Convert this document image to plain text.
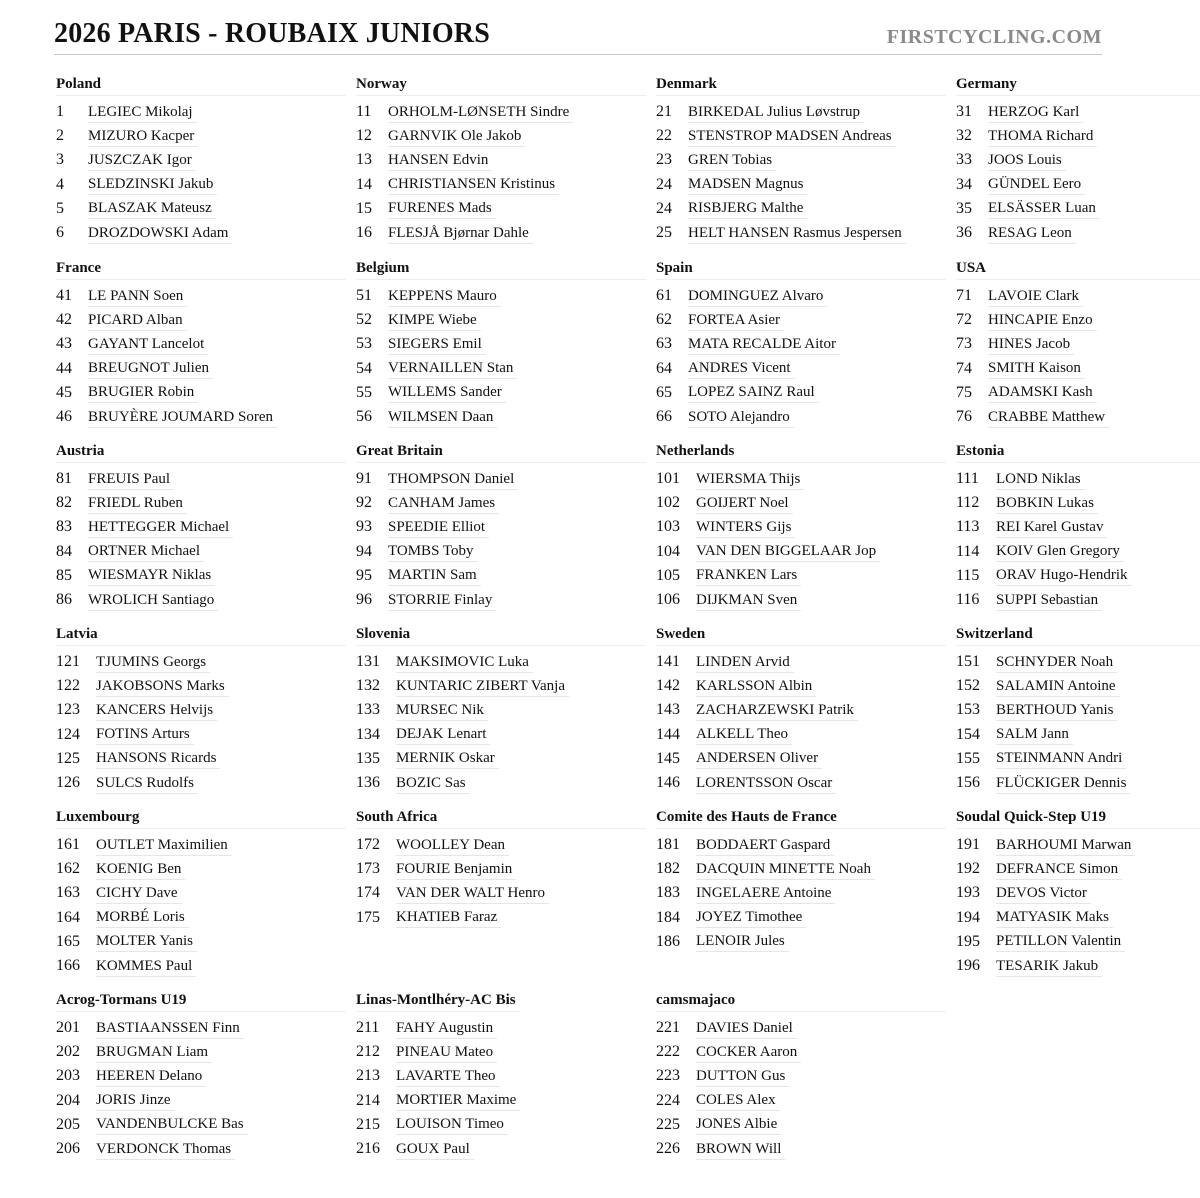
2026 PARIS - ROUBAIX JUNIORS	FIRSTCYCLING.COM
Poland
1	LEGIEC Mikolaj
2	MIZURO Kacper
3	JUSZCZAK Igor
4	SLEDZINSKI Jakub
5	BLASZAK Mateusz
6	DROZDOWSKI Adam
Norway
11	ORHOLM-LØNSETH Sindre
12	GARNVIK Ole Jakob
13	HANSEN Edvin
14	CHRISTIANSEN Kristinus
15	FURENES Mads
16	FLESJÅ Bjørnar Dahle
Denmark
21	BIRKEDAL Julius Løvstrup
22	STENSTROP MADSEN Andreas
23	GREN Tobias
24	MADSEN Magnus
24	RISBJERG Malthe
25	HELT HANSEN Rasmus Jespersen
Germany
31	HERZOG Karl
32	THOMA Richard
33	JOOS Louis
34	GÜNDEL Eero
35	ELSÄSSER Luan
36	RESAG Leon
France
41	LE PANN Soen
42	PICARD Alban
43	GAYANT Lancelot
44	BREUGNOT Julien
45	BRUGIER Robin
46	BRUYÈRE JOUMARD Soren
Belgium
51	KEPPENS Mauro
52	KIMPE Wiebe
53	SIEGERS Emil
54	VERNAILLEN Stan
55	WILLEMS Sander
56	WILMSEN Daan
Spain
61	DOMINGUEZ Alvaro
62	FORTEA Asier
63	MATA RECALDE Aitor
64	ANDRES Vicent
65	LOPEZ SAINZ Raul
66	SOTO Alejandro
USA
71	LAVOIE Clark
72	HINCAPIE Enzo
73	HINES Jacob
74	SMITH Kaison
75	ADAMSKI Kash
76	CRABBE Matthew
Austria
81	FREUIS Paul
82	FRIEDL Ruben
83	HETTEGGER Michael
84	ORTNER Michael
85	WIESMAYR Niklas
86	WROLICH Santiago
Great Britain
91	THOMPSON Daniel
92	CANHAM James
93	SPEEDIE Elliot
94	TOMBS Toby
95	MARTIN Sam
96	STORRIE Finlay
Netherlands
101	WIERSMA Thijs
102	GOIJERT Noel
103	WINTERS Gijs
104	VAN DEN BIGGELAAR Jop
105	FRANKEN Lars
106	DIJKMAN Sven
Estonia
111	LOND Niklas
112	BOBKIN Lukas
113	REI Karel Gustav
114	KOIV Glen Gregory
115	ORAV Hugo-Hendrik
116	SUPPI Sebastian
Latvia
121	TJUMINS Georgs
122	JAKOBSONS Marks
123	KANCERS Helvijs
124	FOTINS Arturs
125	HANSONS Ricards
126	SULCS Rudolfs
Slovenia
131	MAKSIMOVIC Luka
132	KUNTARIC ZIBERT Vanja
133	MURSEC Nik
134	DEJAK Lenart
135	MERNIK Oskar
136	BOZIC Sas
Sweden
141	LINDEN Arvid
142	KARLSSON Albin
143	ZACHARZEWSKI Patrik
144	ALKELL Theo
145	ANDERSEN Oliver
146	LORENTSSON Oscar
Switzerland
151	SCHNYDER Noah
152	SALAMIN Antoine
153	BERTHOUD Yanis
154	SALM Jann
155	STEINMANN Andri
156	FLÜCKIGER Dennis
Luxembourg
161	OUTLET Maximilien
162	KOENIG Ben
163	CICHY Dave
164	MORBÉ Loris
165	MOLTER Yanis
166	KOMMES Paul
South Africa
172	WOOLLEY Dean
173	FOURIE Benjamin
174	VAN DER WALT Henro
175	KHATIEB Faraz
Comite des Hauts de France
181	BODDAERT Gaspard
182	DACQUIN MINETTE Noah
183	INGELAERE Antoine
184	JOYEZ Timothee
186	LENOIR Jules
Soudal Quick-Step U19
191	BARHOUMI Marwan
192	DEFRANCE Simon
193	DEVOS Victor
194	MATYASIK Maks
195	PETILLON Valentin
196	TESARIK Jakub
Acrog-Tormans U19
201	BASTIAANSSEN Finn
202	BRUGMAN Liam
203	HEEREN Delano
204	JORIS Jinze
205	VANDENBULCKE Bas
206	VERDONCK Thomas
Linas-Montlhéry-AC Bis
211	FAHY Augustin
212	PINEAU Mateo
213	LAVARTE Theo
214	MORTIER Maxime
215	LOUISON Timeo
216	GOUX Paul
camsmajaco
221	DAVIES Daniel
222	COCKER Aaron
223	DUTTON Gus
224	COLES Alex
225	JONES Albie
226	BROWN Will
